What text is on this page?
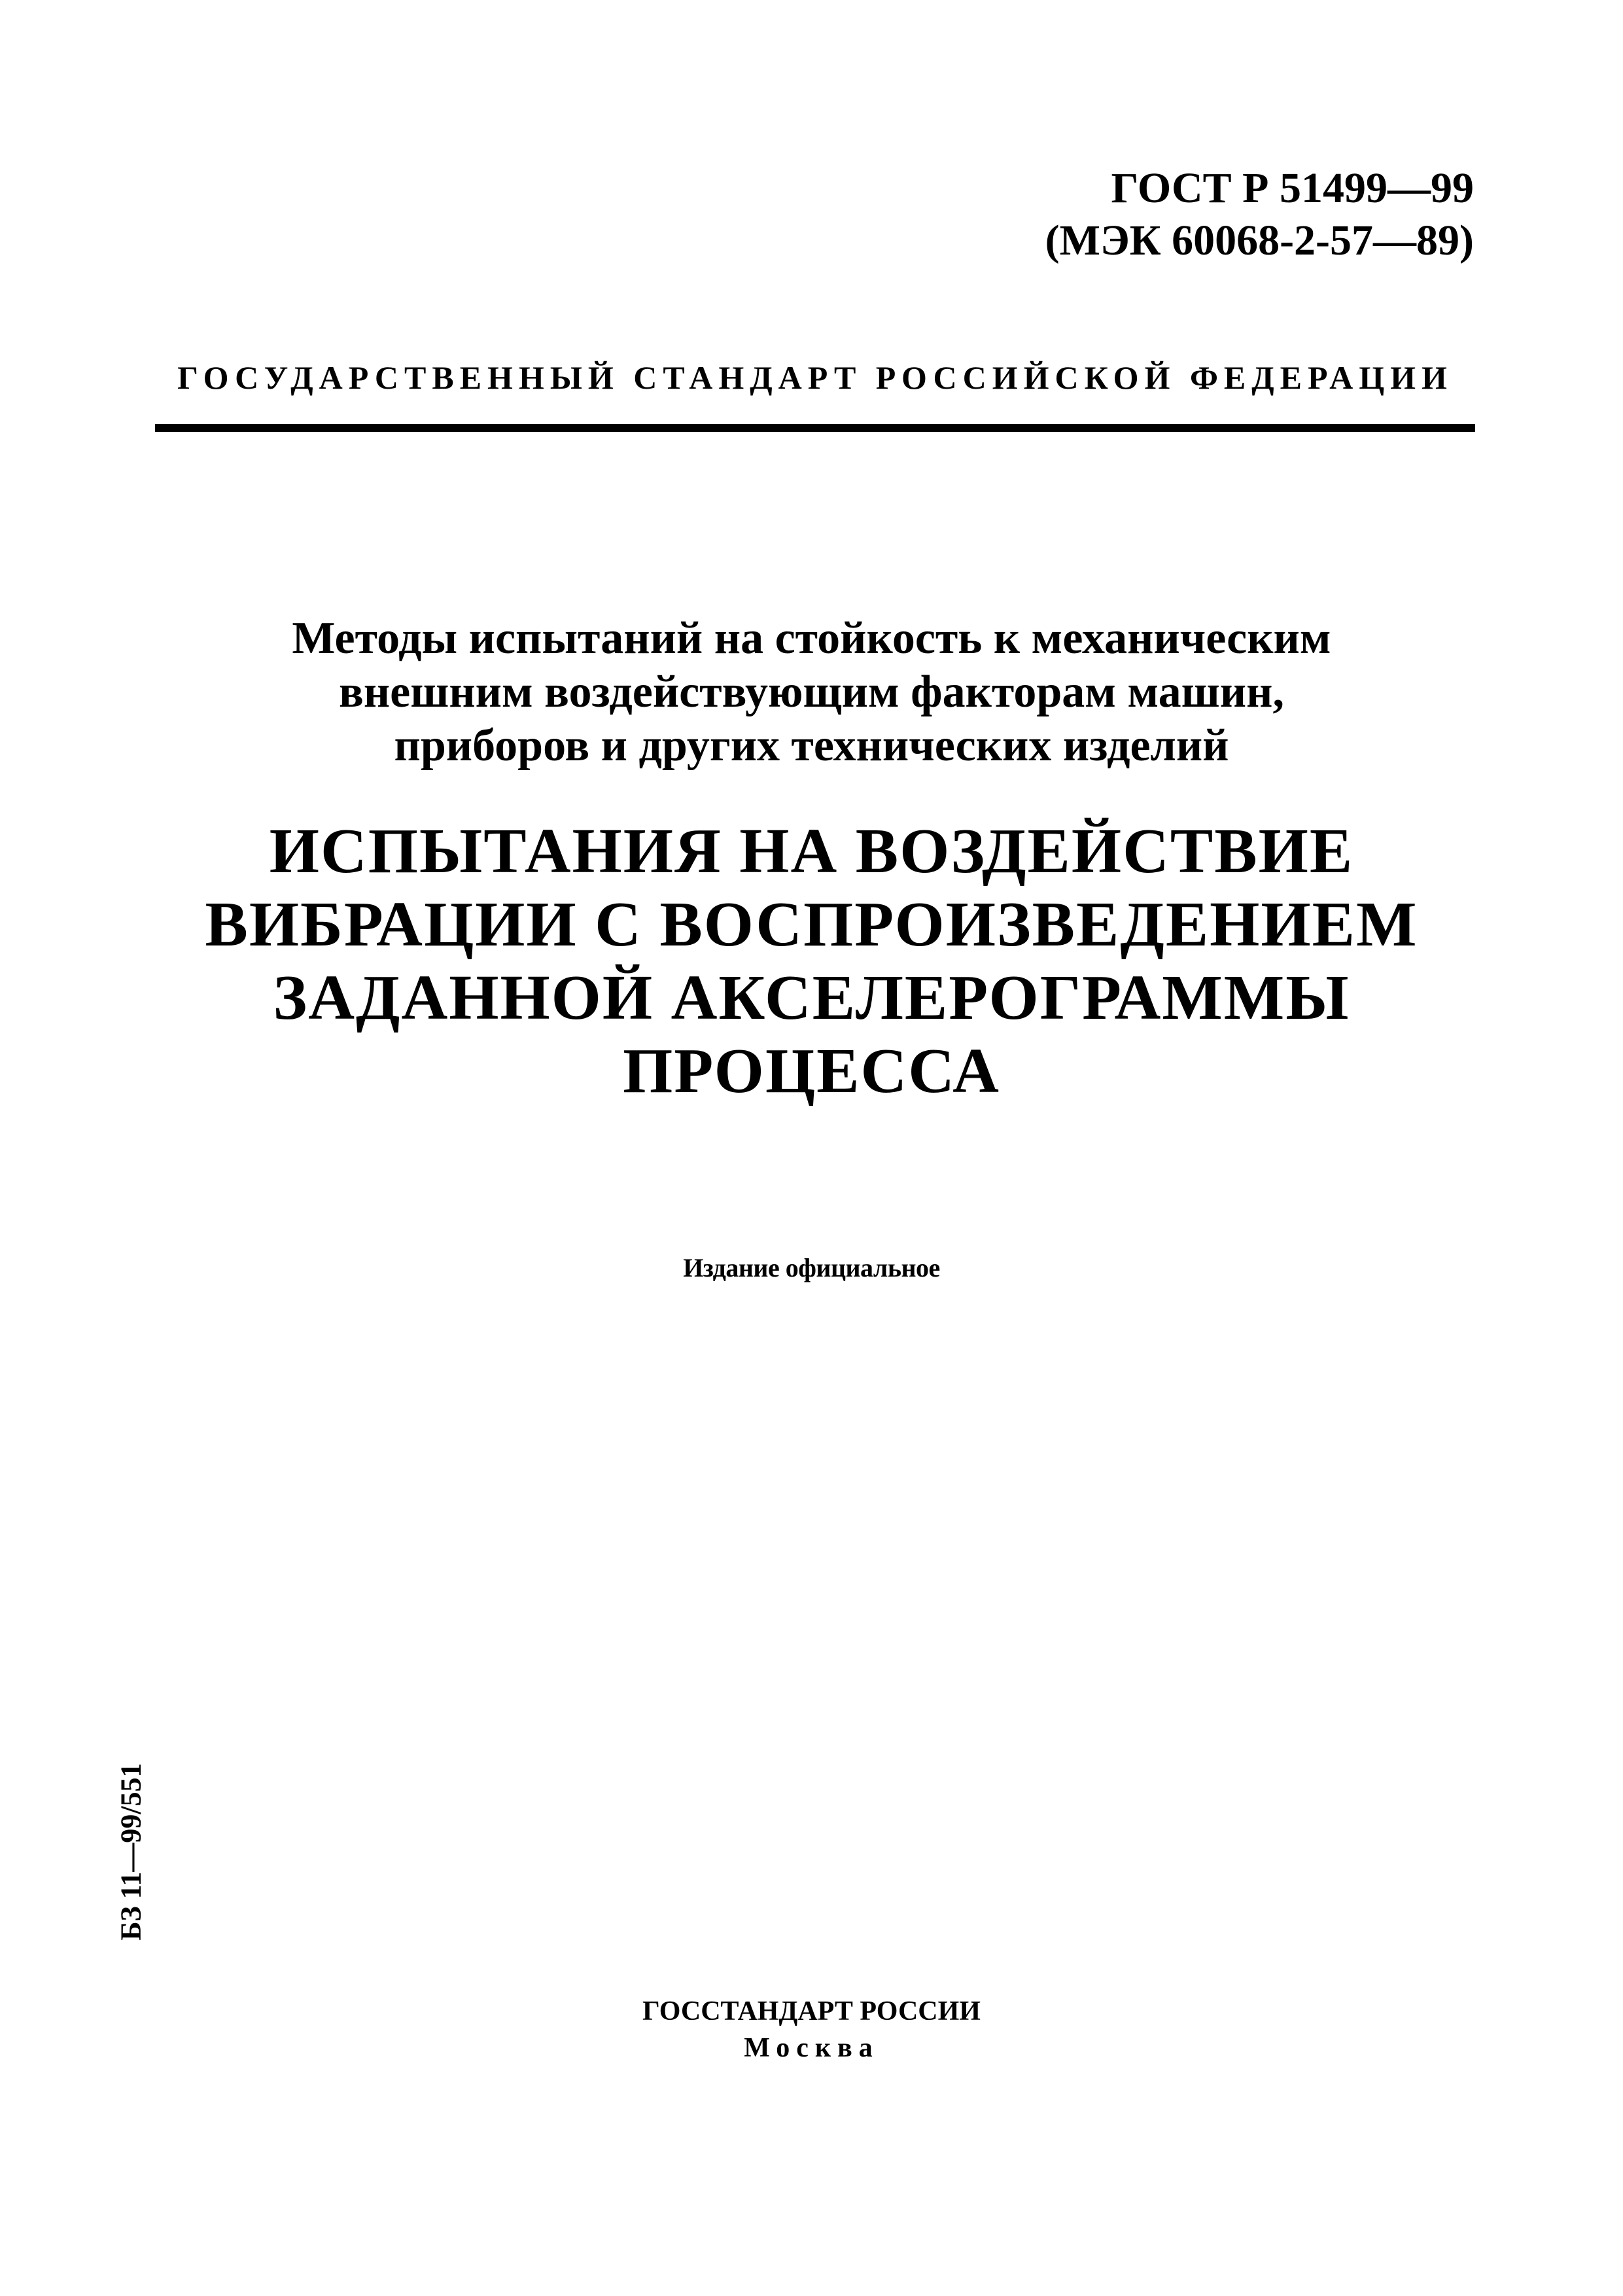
ГОСТ Р 51499—99
(МЭК 60068-2-57—89)
ГОСУДАРСТВЕННЫЙ СТАНДАРТ РОССИЙСКОЙ ФЕДЕРАЦИИ
Методы испытаний на стойкость к механическим
внешним воздействующим факторам машин,
приборов и других технических изделий
ИСПЫТАНИЯ НА ВОЗДЕЙСТВИЕ
ВИБРАЦИИ С ВОСПРОИЗВЕДЕНИЕМ
ЗАДАННОЙ АКСЕЛЕРОГРАММЫ
ПРОЦЕССА
Издание официальное
БЗ 11—99/551
ГОССТАНДАРТ РОССИИ
Москва
